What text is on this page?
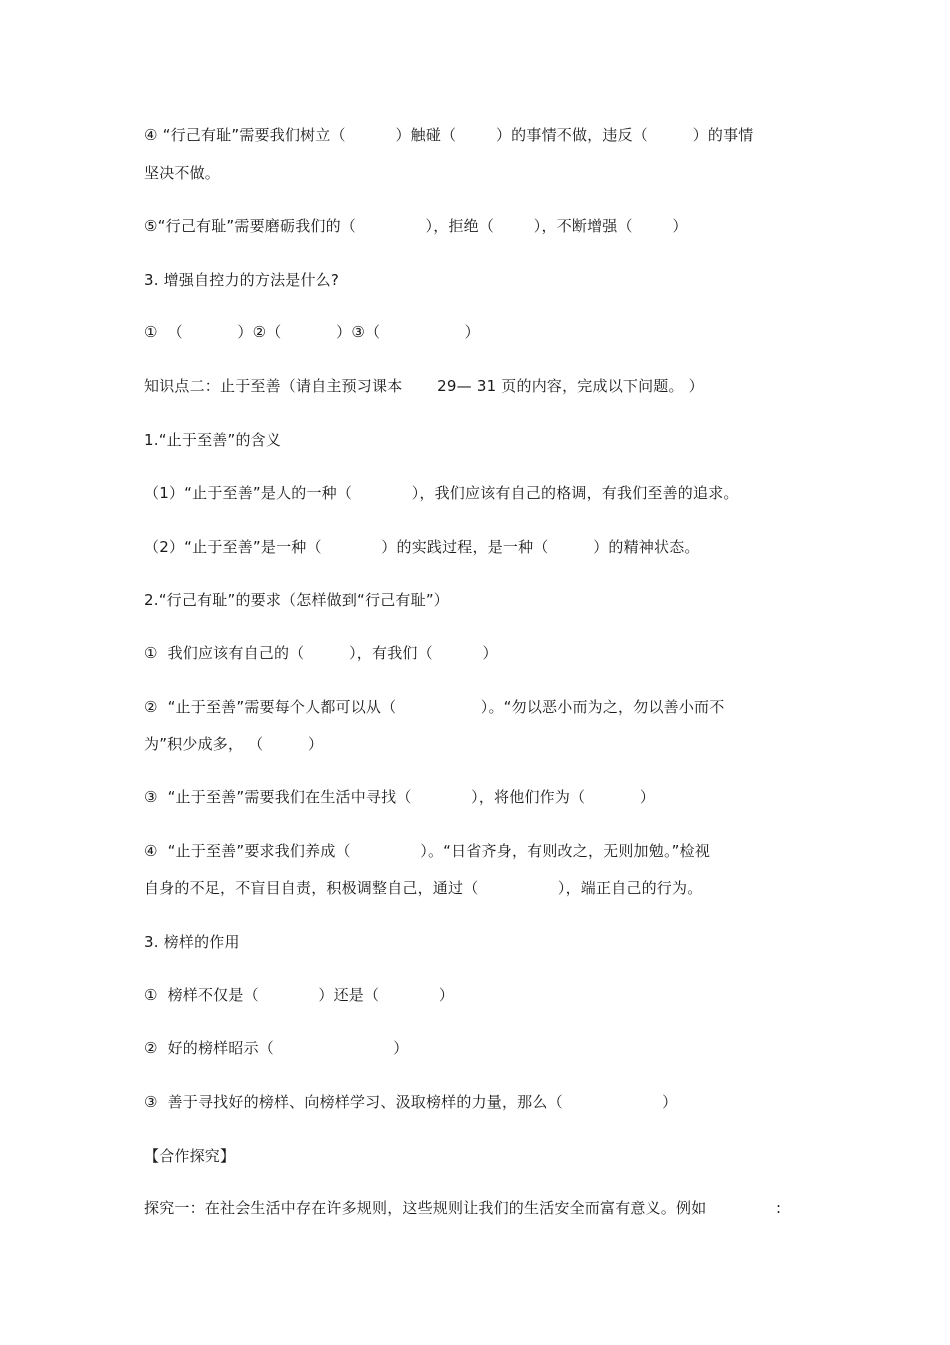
④ “行己有耻”需要我们树立（          ）触碰（        ）的事情不做，违反（         ）的事情
坚决不做。
⑤“行己有耻”需要磨砺我们的（              ），拒绝（        ），不断增强（        ）
3. 增强自控力的方法是什么?
①  （           ）②（           ）③（                 ）
知识点二：止于至善（请自主预习课本       29— 31 页的内容，完成以下问题。 ）
1.“止于至善”的含义
（1）“止于至善”是人的一种（            ），我们应该有自己的格调，有我们至善的追求。
（2）“止于至善”是一种（            ）的实践过程，是一种（         ）的精神状态。
2.“行己有耻”的要求（怎样做到“行己有耻”）
①  我们应该有自己的（         ），有我们（          ）
②  “止于至善”需要每个人都可以从（                 ）。“勿以恶小而为之，勿以善小而不
为”积少成多， （         ）
③  “止于至善”需要我们在生活中寻找（            ），将他们作为（           ）
④  “止于至善”要求我们养成（              ）。“日省齐身，有则改之，无则加勉。”检视
自身的不足，不盲目自责，积极调整自己，通过（                ），端正自己的行为。
3. 榜样的作用
①  榜样不仅是（            ）还是（            ）
②  好的榜样昭示（                        ）
③  善于寻找好的榜样、向榜样学习、汲取榜样的力量，那么（                    ）
【合作探究】
探究一：在社会生活中存在许多规则，这些规则让我们的生活安全而富有意义。例如              :
